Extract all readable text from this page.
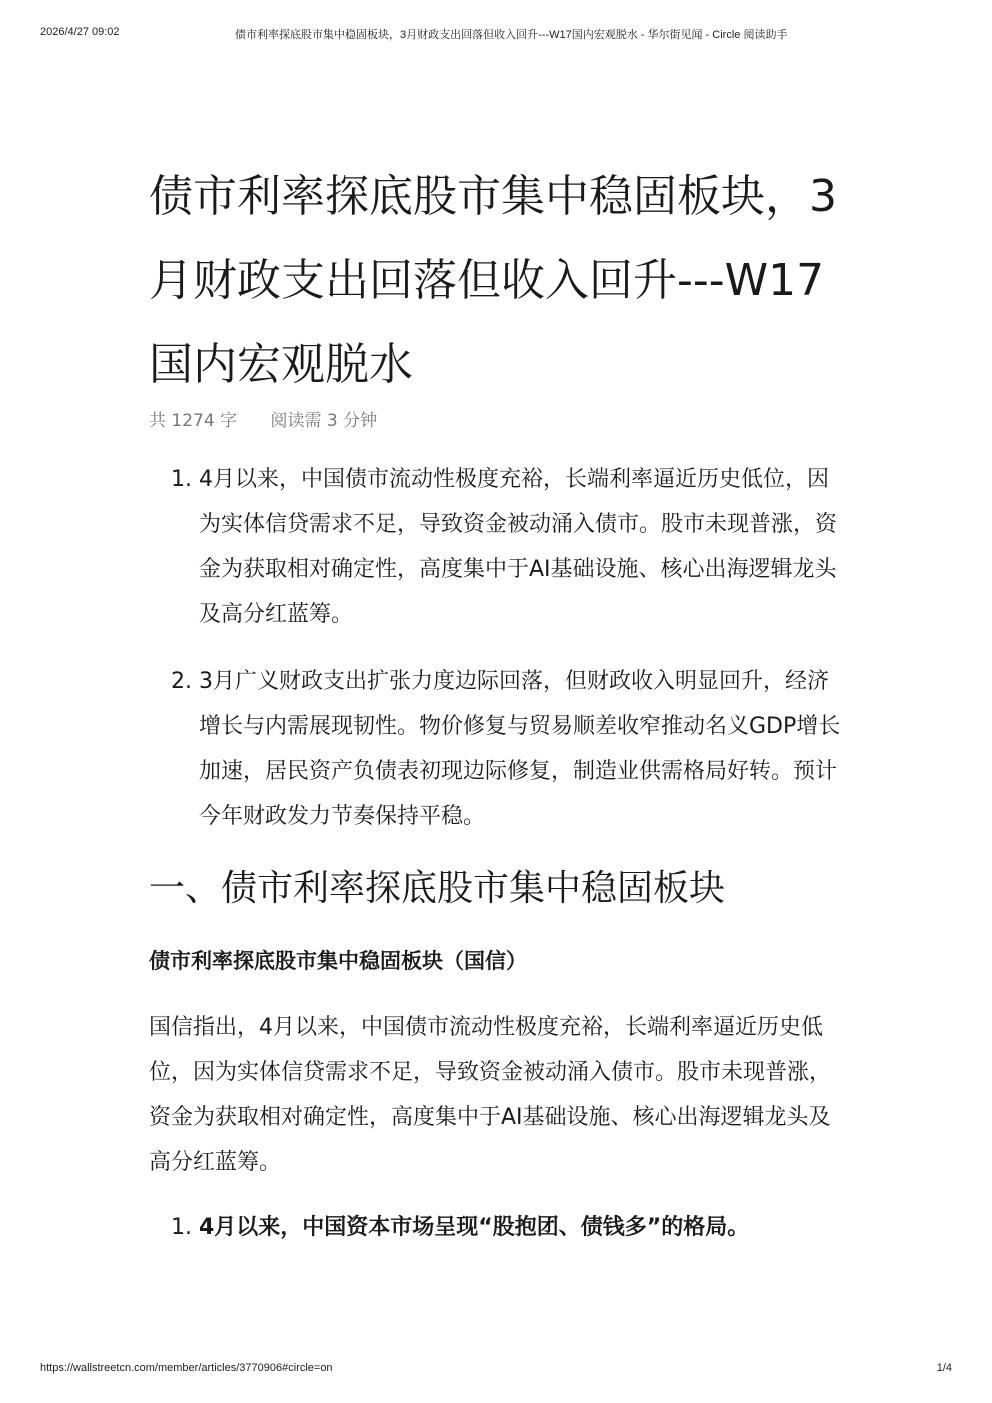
2026/4/27 09:02	债市利率探底股市集中稳固板块，3月财政支出回落但收入回升---W17国内宏观脱水 - 华尔街见闻 - Circle 阅读助手
债市利率探底股市集中稳固板块，3月财政支出回落但收入回升---W17国内宏观脱水
共 1274 字 阅读需 3 分钟
1. 4月以来，中国债市流动性极度充裕，长端利率逼近历史低位，因为实体信贷需求不足，导致资金被动涌入债市。股市未现普涨，资金为获取相对确定性，高度集中于AI基础设施、核心出海逻辑龙头及高分红蓝筹。
2. 3月广义财政支出扩张力度边际回落，但财政收入明显回升，经济增长与内需展现韧性。物价修复与贸易顺差收窄推动名义GDP增长加速，居民资产负债表初现边际修复，制造业供需格局好转。预计今年财政发力节奏保持平稳。
一、债市利率探底股市集中稳固板块
债市利率探底股市集中稳固板块（国信）

国信指出，4月以来，中国债市流动性极度充裕，长端利率逼近历史低位，因为实体信贷需求不足，导致资金被动涌入债市。股市未现普涨，资金为获取相对确定性，高度集中于AI基础设施、核心出海逻辑龙头及高分红蓝筹。

1. 4月以来，中国资本市场呈现“股抱团、债钱多”的格局。
https://wallstreetcn.com/member/articles/3770906#circle=on	1/4
